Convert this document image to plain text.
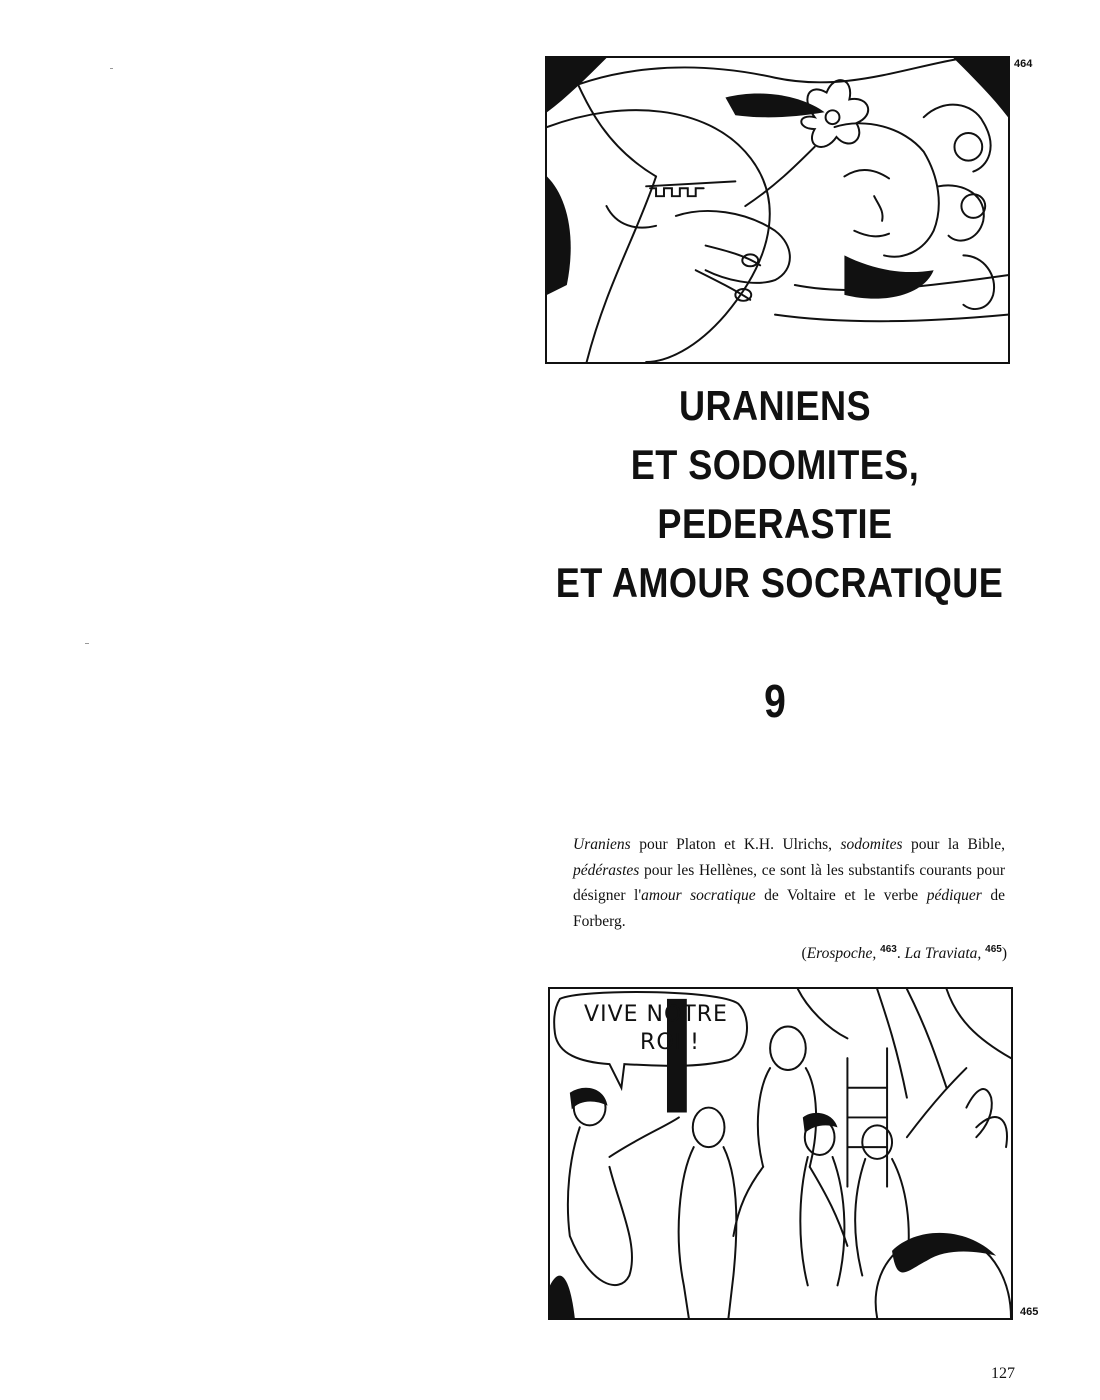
464
URANIENS
ET SODOMITES,
PEDERASTIE
ET AMOUR SOCRATIQUE
9

Uraniens pour Platon et K.H. Ulrichs, sodomites pour la Bible, pédérastes pour les Hellènes, ce sont là les substantifs courants pour désigner l'amour socratique de Voltaire et le verbe pédiquer de Forberg.

(Erospoche, $^{463}$. La Traviata, $^{465}$)
VIVE NOTRE
ROI !
465
127
